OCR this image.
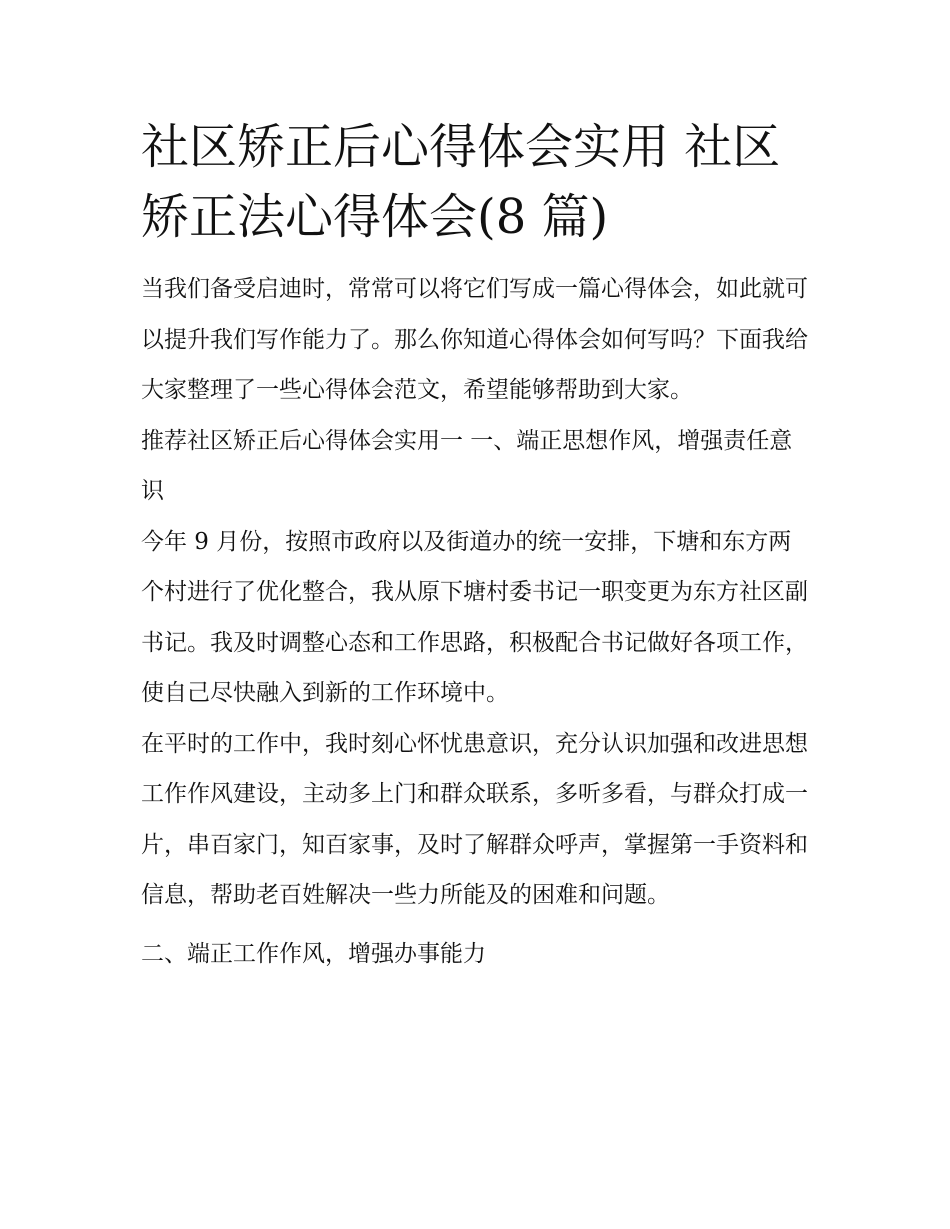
社区矫正后心得体会实用 社区矫正法心得体会(8 篇)

当我们备受启迪时，常常可以将它们写成一篇心得体会，如此就可以提升我们写作能力了。那么你知道心得体会如何写吗？下面我给大家整理了一些心得体会范文，希望能够帮助到大家。

推荐社区矫正后心得体会实用一 一、端正思想作风，增强责任意识

今年 9 月份，按照市政府以及街道办的统一安排，下塘和东方两个村进行了优化整合，我从原下塘村委书记一职变更为东方社区副书记。我及时调整心态和工作思路，积极配合书记做好各项工作，使自己尽快融入到新的工作环境中。

在平时的工作中，我时刻心怀忧患意识，充分认识加强和改进思想工作作风建设，主动多上门和群众联系，多听多看，与群众打成一片，串百家门，知百家事，及时了解群众呼声，掌握第一手资料和信息，帮助老百姓解决一些力所能及的困难和问题。

二、端正工作作风，增强办事能力
